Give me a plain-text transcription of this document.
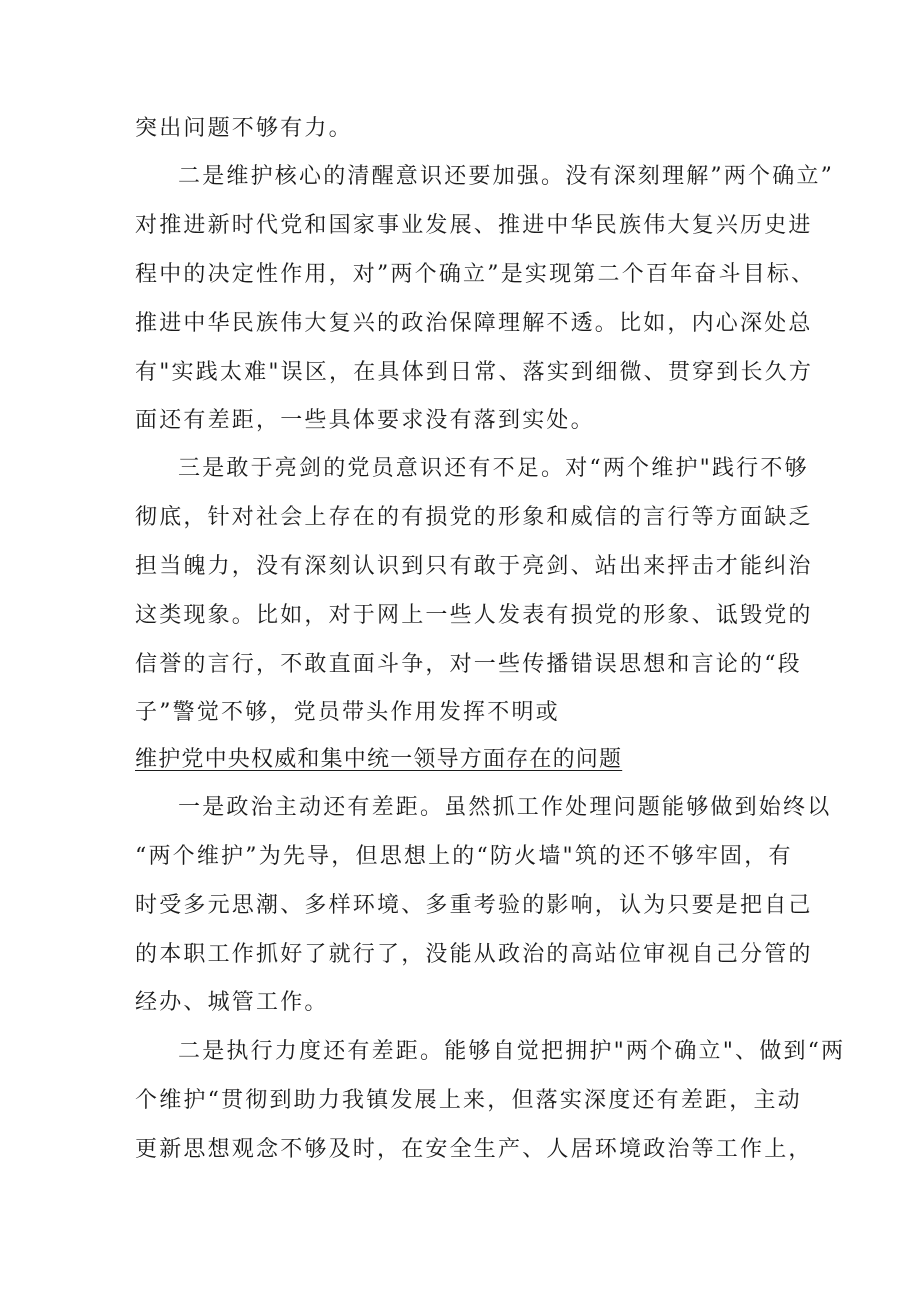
突出问题不够有力。
二是维护核心的清醒意识还要加强。没有深刻理解”两个确立”
对推进新时代党和国家事业发展、推进中华民族伟大复兴历史进
程中的决定性作用，对”两个确立”是实现第二个百年奋斗目标、
推进中华民族伟大复兴的政治保障理解不透。比如，内心深处总
有"实践太难"误区，在具体到日常、落实到细微、贯穿到长久方
面还有差距，一些具体要求没有落到实处。
三是敢于亮剑的党员意识还有不足。对“两个维护"践行不够
彻底，针对社会上存在的有损党的形象和威信的言行等方面缺乏
担当魄力，没有深刻认识到只有敢于亮剑、站出来抨击才能纠治
这类现象。比如，对于网上一些人发表有损党的形象、诋毁党的
信誉的言行，不敢直面斗争，对一些传播错误思想和言论的“段
子”警觉不够，党员带头作用发挥不明或
维护党中央权威和集中统一领导方面存在的问题
一是政治主动还有差距。虽然抓工作处理问题能够做到始终以
“两个维护”为先导，但思想上的“防火墙"筑的还不够牢固，有
时受多元思潮、多样环境、多重考验的影响，认为只要是把自己
的本职工作抓好了就行了，没能从政治的高站位审视自己分管的
经办、城管工作。
二是执行力度还有差距。能够自觉把拥护"两个确立"、做到“两
个维护“贯彻到助力我镇发展上来，但落实深度还有差距，主动
更新思想观念不够及时，在安全生产、人居环境政治等工作上，
